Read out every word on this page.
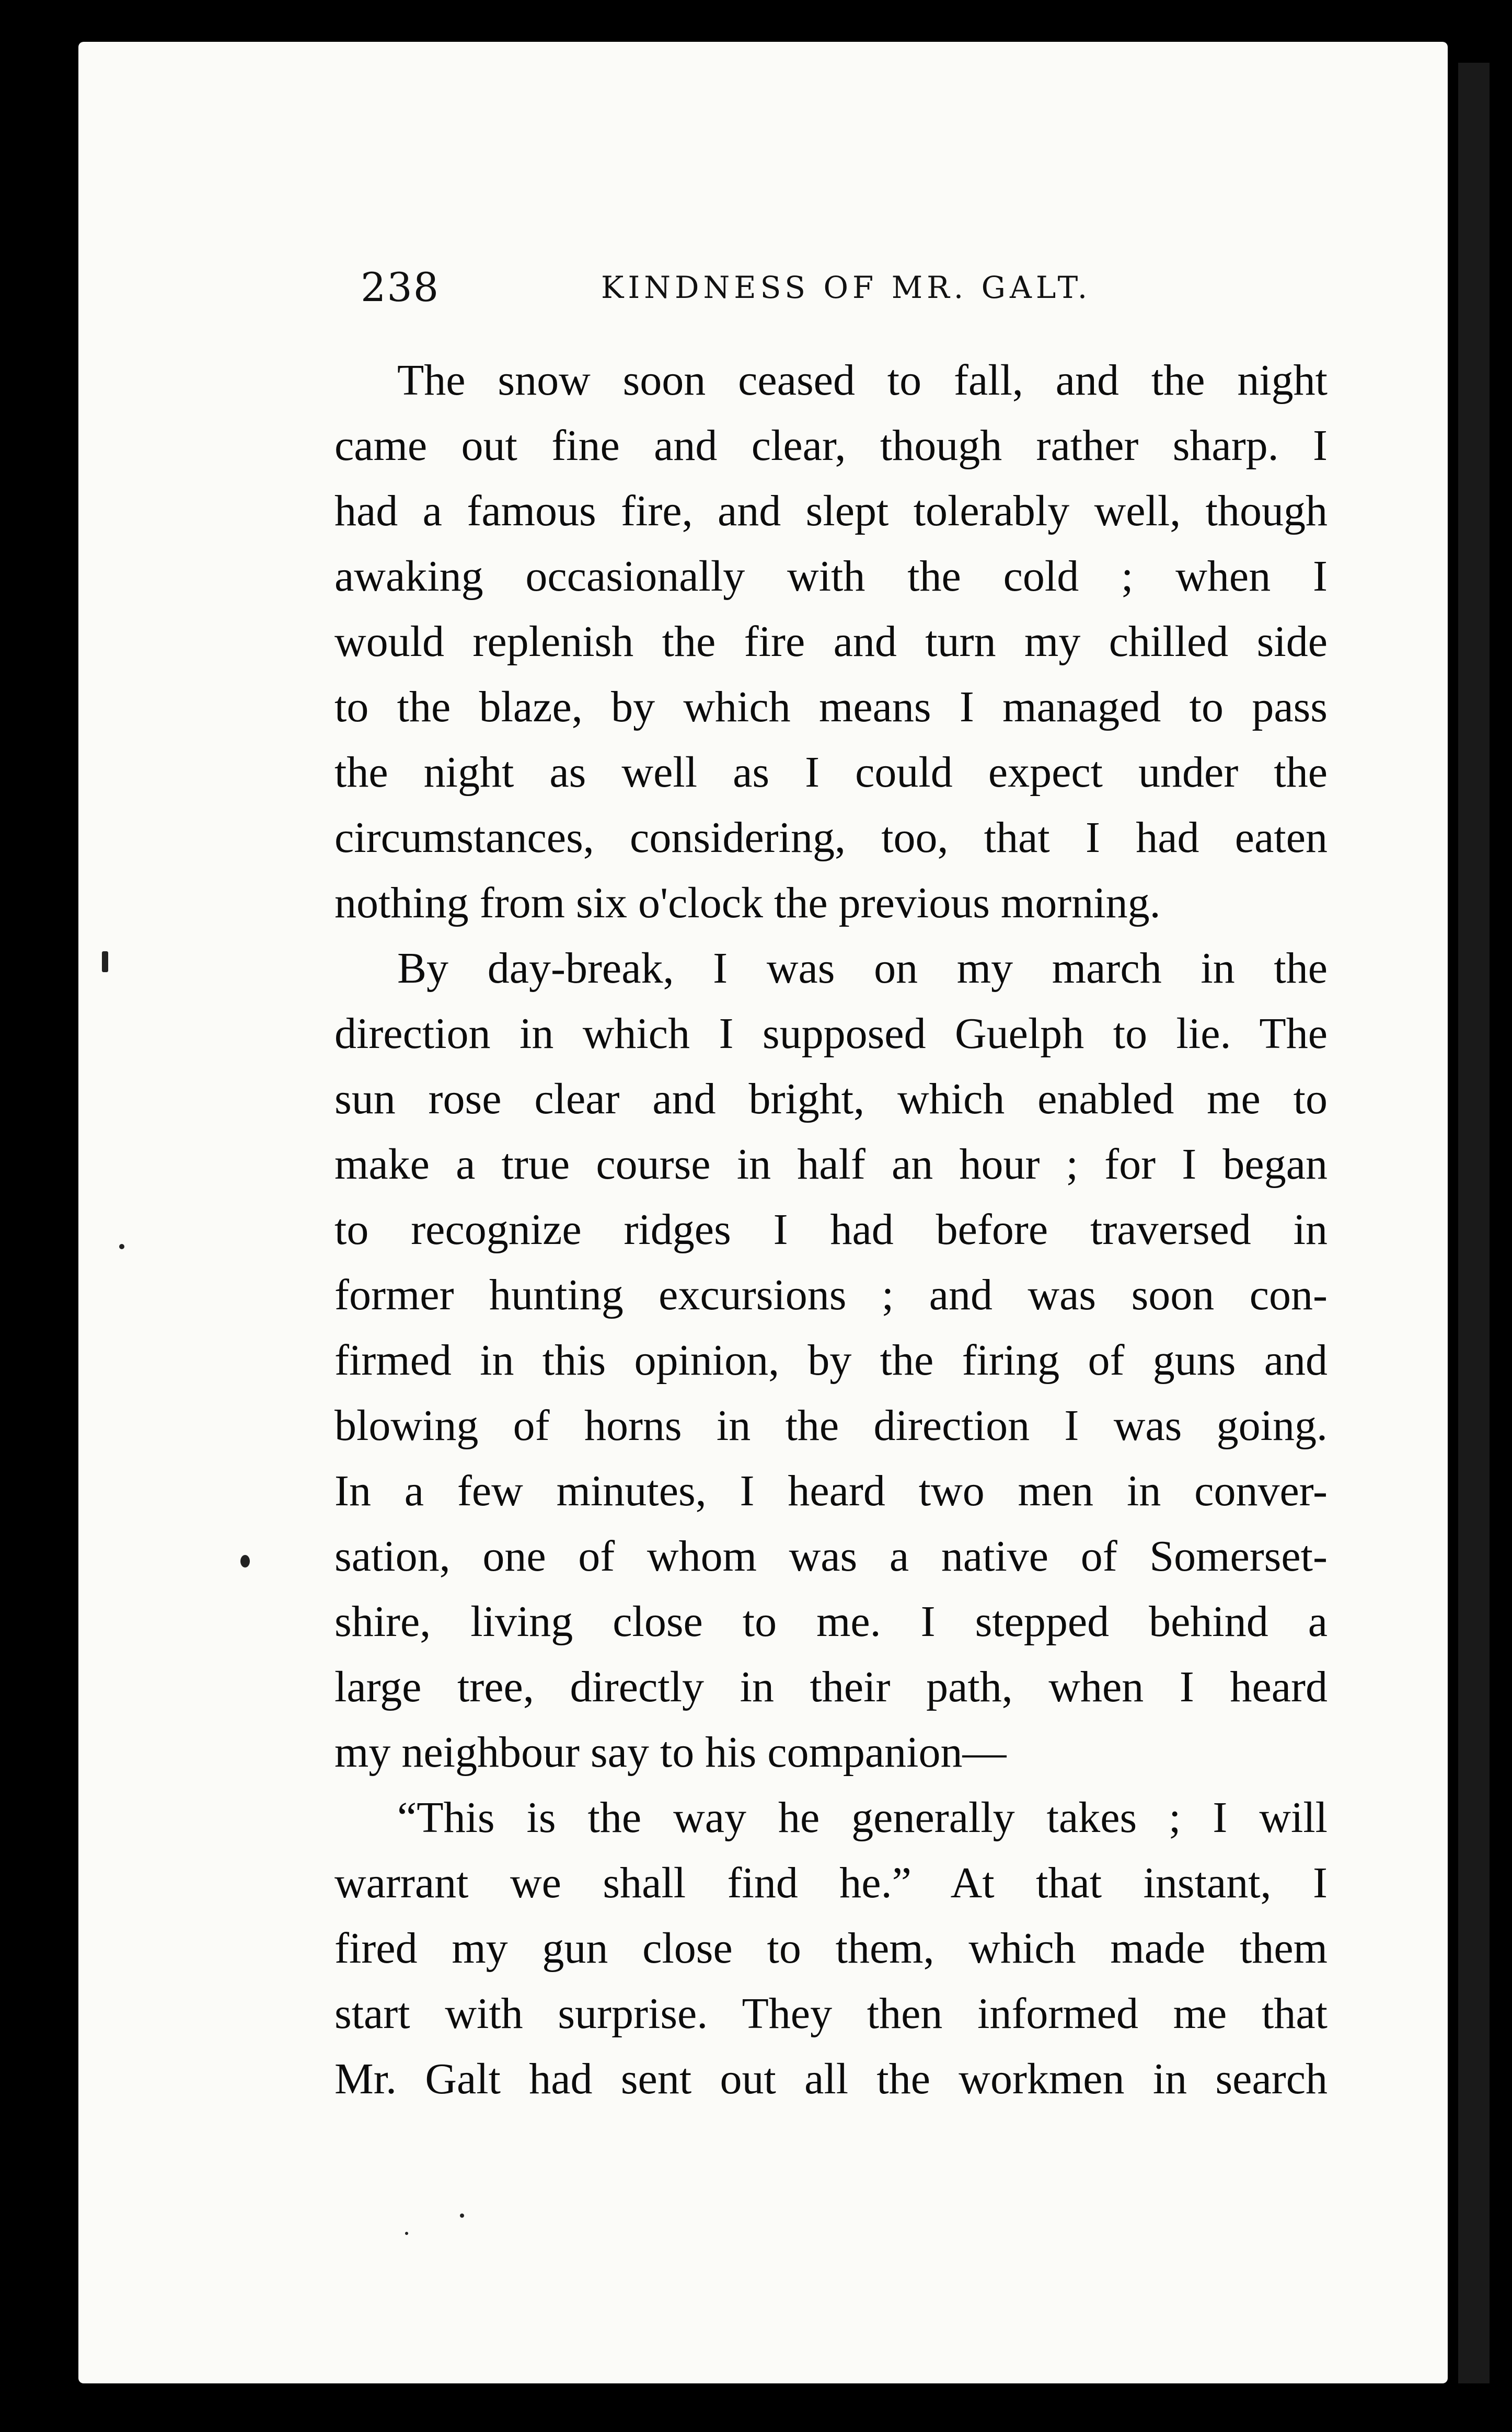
238	KINDNESS OF MR. GALT.

The snow soon ceased to fall, and the night
came out fine and clear, though rather sharp. I
had a famous fire, and slept tolerably well, though
awaking occasionally with the cold ; when I
would replenish the fire and turn my chilled side
to the blaze, by which means I managed to pass
the night as well as I could expect under the
circumstances, considering, too, that I had eaten
nothing from six o'clock the previous morning.

By day-break, I was on my march in the
direction in which I supposed Guelph to lie. The
sun rose clear and bright, which enabled me to
make a true course in half an hour ; for I began
to recognize ridges I had before traversed in
former hunting excursions ; and was soon con-
firmed in this opinion, by the firing of guns and
blowing of horns in the direction I was going.
In a few minutes, I heard two men in conver-
sation, one of whom was a native of Somerset-
shire, living close to me. I stepped behind a
large tree, directly in their path, when I heard
my neighbour say to his companion—

“This is the way he generally takes ; I will
warrant we shall find he.” At that instant, I
fired my gun close to them, which made them
start with surprise. They then informed me that
Mr. Galt had sent out all the workmen in search
